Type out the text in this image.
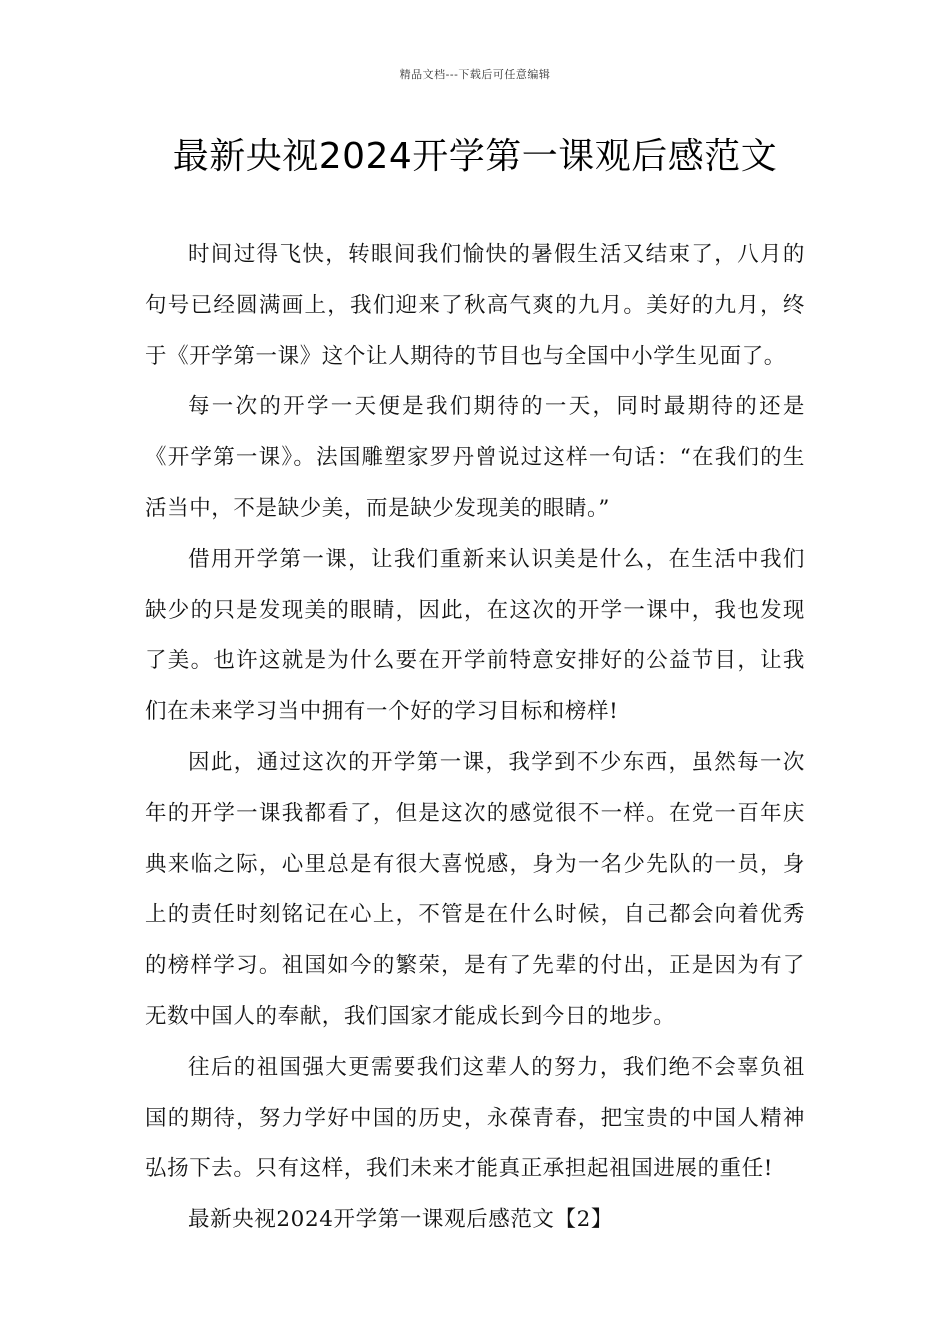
精品文档---下载后可任意编辑
最新央视2024开学第一课观后感范文

时间过得飞快，转眼间我们愉快的暑假生活又结束了，八月的句号已经圆满画上，我们迎来了秋高气爽的九月。美好的九月，终于《开学第一课》这个让人期待的节目也与全国中小学生见面了。

每一次的开学一天便是我们期待的一天，同时最期待的还是《开学第一课》。法国雕塑家罗丹曾说过这样一句话：“在我们的生活当中，不是缺少美，而是缺少发现美的眼睛。”

借用开学第一课，让我们重新来认识美是什么，在生活中我们缺少的只是发现美的眼睛，因此，在这次的开学一课中，我也发现了美。也许这就是为什么要在开学前特意安排好的公益节目，让我们在未来学习当中拥有一个好的学习目标和榜样!

因此，通过这次的开学第一课，我学到不少东西，虽然每一次年的开学一课我都看了，但是这次的感觉很不一样。在党一百年庆典来临之际，心里总是有很大喜悦感，身为一名少先队的一员，身上的责任时刻铭记在心上，不管是在什么时候，自己都会向着优秀的榜样学习。祖国如今的繁荣，是有了先辈的付出，正是因为有了无数中国人的奉献，我们国家才能成长到今日的地步。

往后的祖国强大更需要我们这辈人的努力，我们绝不会辜负祖国的期待，努力学好中国的历史，永葆青春，把宝贵的中国人精神弘扬下去。只有这样，我们未来才能真正承担起祖国进展的重任!

最新央视2024开学第一课观后感范文【2】
